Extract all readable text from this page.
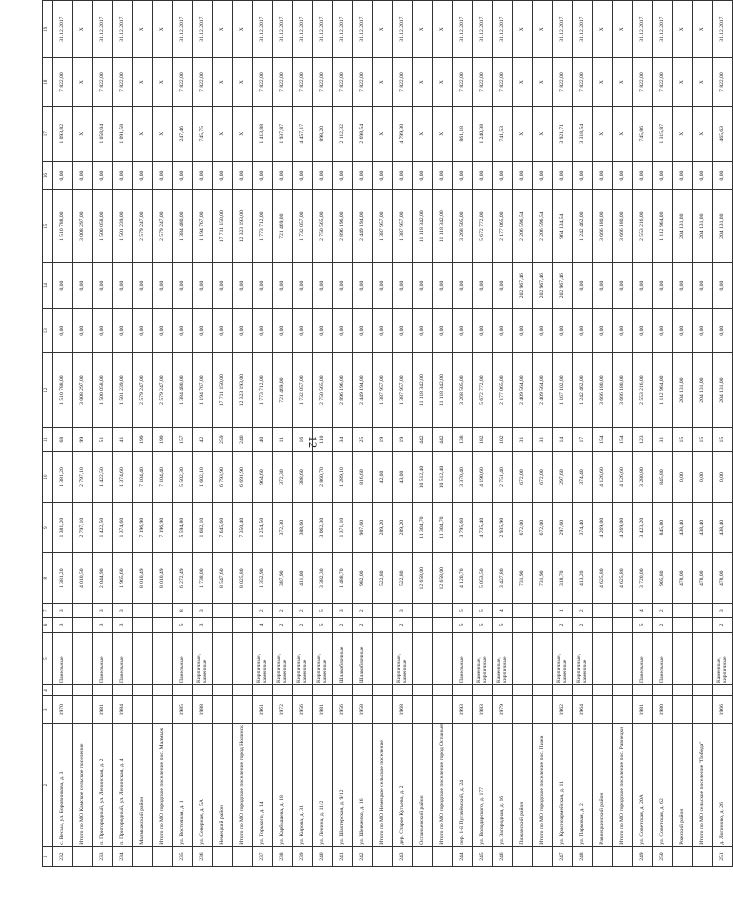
12
1	2	3	4	5	6	7	8	9	10	11	12	13	14	15	16	17	18	19
232	с. Весьы, ул. Боровникова, д. 3	1970		Панельные	3	3	1 381,20	1 381,20	1 381,20	68	1 510 788,00	0,00	0,00	1 510 788,00	0,00	1 093,82	7 822,00	31.12.2017
	Итого по МО Камское сельское поселение						4 010,50	2 797,10	2 797,10	99	3 008 297,00	0,00	0,00	3 008 297,00	0,00	X	X	X
233	п. Пригородный, ул. Ленинская, д. 2	1981		Панельные	3	3	2 044,90	1 422,50	1 422,50	51	1 500 058,00	0,00	0,00	1 500 058,00	0,00	1 058,04	7 822,00	31.12.2017
234	п. Пригородный, ул. Ленинская, д. 4	1984		Панельные	3	3	1 965,60	1 374,60	1 374,60	41	1 501 239,00	0,00	0,00	1 501 239,00	0,00	1 091,58	7 822,00	31.12.2017
	Малмыжский район						8 010,49	7 196,90	7 104,40	199	2 579 247,00	0,00	0,00	2 579 247,00	0,00	X	X	X
	Итого по МО городское поселение пос. Малмыж						8 010,49	7 196,90	7 104,40	199	2 579 247,00	0,00	0,00	2 579 247,00	0,00	X	X	X
235	ул. Восточная, д. 1	1985		Панельные	5	8	6 272,49	5 594,80	5 502,30	157	1 384 480,00	0,00	0,00	1 384 480,00	0,00	247,46	7 822,00	31.12.2017
236	ул. Северная, д. 5А	1988		Кирпичные, каменные	3	3	1 738,00	1 602,10	1 602,10	42	1 194 767,00	0,00	0,00	1 194 767,00	0,00	745,75	7 822,00	31.12.2017
	Немецкий район						8 547,60	7 645,60	6 793,90	259	17 711 150,00	0,00	0,00	17 711 150,00	0,00	X	X	X
	Итого по МО городское поселение город Нолинск						8 025,80	7 350,40	6 691,90	240	12 323 193,00	0,00	0,00	12 323 193,00	0,00	X	X	X
237	ул. Горького, д. 14	1961		Кирпичные, каменные	4	2	1 352,90	1 254,50	964,60	40	1 773 712,00	0,00	0,00	1 773 712,00	0,00	1 413,88	7 822,00	31.12.2017
238	ул. Карбышева, д. 18	1972		Кирпичные, каменные	2	2	387,90	372,30	372,30	11	721 469,00	0,00	0,00	721 469,00	0,00	1 937,87	7 822,00	31.12.2017
239	ул. Кирова, д. 31	1956		Кирпичные, каменные	2	2	411,00	388,60	388,60	16	1 732 057,00	0,00	0,00	1 732 057,00	0,00	4 457,17	7 822,00	31.12.2017
240	ул. Ленина, д. 11/2	1981		Кирпичные, каменные	5	5	3 382,30	3 062,30	2 860,70	110	2 750 565,00	0,00	0,00	2 750 565,00	0,00	898,20	7 822,00	31.12.2017
241	ул. Шахтерская, д. 9/12	1956		Шлакоблочные	2	3	1 488,70	1 371,10	1 289,10	34	2 896 196,00	0,00	0,00	2 896 196,00	0,00	2 112,32	7 822,00	31.12.2017
242	ул. Шевченко, д. 16	1958		Шлакоблочные	2	2	982,00	907,60	816,60	25	2 449 194,00	0,00	0,00	2 449 194,00	0,00	2 698,54	7 822,00	31.12.2017
	Итого по МО Немецкое сельское поселение						522,80	289,20	42,00	19	1 387 957,00	0,00	0,00	1 387 957,00	0,00	X	X	X
243	дер. Старое Кугьево, д. 2	1968		Кирпичные, каменные	2	3	522,80	289,20	43,00	19	1 387 957,00	0,00	0,00	1 387 957,00	0,00	4 799,30	7 822,00	31.12.2017
	Оспаньевский район						12 658,00	11 304,70	10 512,40	442	11 118 342,00	0,00	0,00	11 118 342,00	0,00	X	X	X
	Итого по МО городское поселение город Оспаньев						12 658,00	11 304,70	10 512,40	442	11 118 342,00	0,00	0,00	11 118 342,00	0,00	X	X	X
244	пер. 1-й Пугачёвский, д. 24	1993		Панельные	5	5	4 120,70	3 795,60	3 370,40	138	3 268 505,00	0,00	0,00	3 268 505,00	0,00	861,18	7 822,00	31.12.2017
245	ул. Володарского, д. 177	1983		Каменные, кирпичные	5	5	5 053,50	4 735,40	4 190,60	182	5 672 772,00	0,00	0,00	5 672 772,00	0,00	1 240,38	7 822,00	31.12.2017
246	ул. Загородная, д. 16	1979		Каменные, кирпичные	5	4	3 427,80	2 935,90	2 751,40	102	2 177 065,00	0,00	0,00	2 177 065,00	0,00	741,53	7 822,00	31.12.2017
	Пижанский район						731,90	672,00	672,00	31	2 409 564,00	0,00	202 967,46	2 206 596,54	0,00	X	X	X
	Итого по МО городское поселение пос. Пижи						731,90	672,00	672,00	31	2 409 564,00	0,00	202 967,46	2 206 596,54	0,00	X	X	X
247	ул. Красноармейская, д. 11	1962		Кирпичные, каменные	2	1	318,70	297,60	297,60	14	1 167 102,00	0,00	202 967,46	964 134,54	0,00	3 921,71	7 822,00	31.12.2017
248	ул. Парковая, д. 2	1964		Кирпичные, каменные	2	2	413,20	374,40	374,40	17	1 242 462,00	0,00	0,00	1 242 462,00	0,00	3 318,54	7 822,00	31.12.2017
	Равнецкинский район						4 625,80	4 269,00	4 126,60	154	3 666 180,00	0,00	0,00	3 666 180,00	0,00	X	X	X
	Итого по МО городское поселение пос. Равнецки						4 625,80	4 269,00	4 126,60	154	3 666 180,00	0,00	0,00	3 666 180,00	0,00	X	X	X
249	ул. Советская, д. 20А	1981		Панельные	5	4	3 720,00	3 423,20	3 280,80	123	2 553 216,00	0,00	0,00	2 553 216,00	0,00	745,86	7 822,00	31.12.2017
250	ул. Советская, д. 62	1980		Панельные	2	2	905,80	845,80	845,80	31	1 112 964,00	0,00	0,00	1 112 964,00	0,00	1 315,87	7 822,00	31.12.2017
	Рожский район						478,00	438,40	0,00	15	204 131,00	0,00	0,00	204 131,00	0,00	X	X	X
	Итого по МО сельское поселение "Победа"						478,00	438,40	0,00	15	204 131,00	0,00	0,00	204 131,00	0,00	X	X	X
251	д. Логиново, д. 26	1966		Каменные, кирпичные	2	3	478,00	438,40	0,00	15	204 131,00	0,00	0,00	204 131,00	0,00	465,63	7 822,00	31.12.2017
